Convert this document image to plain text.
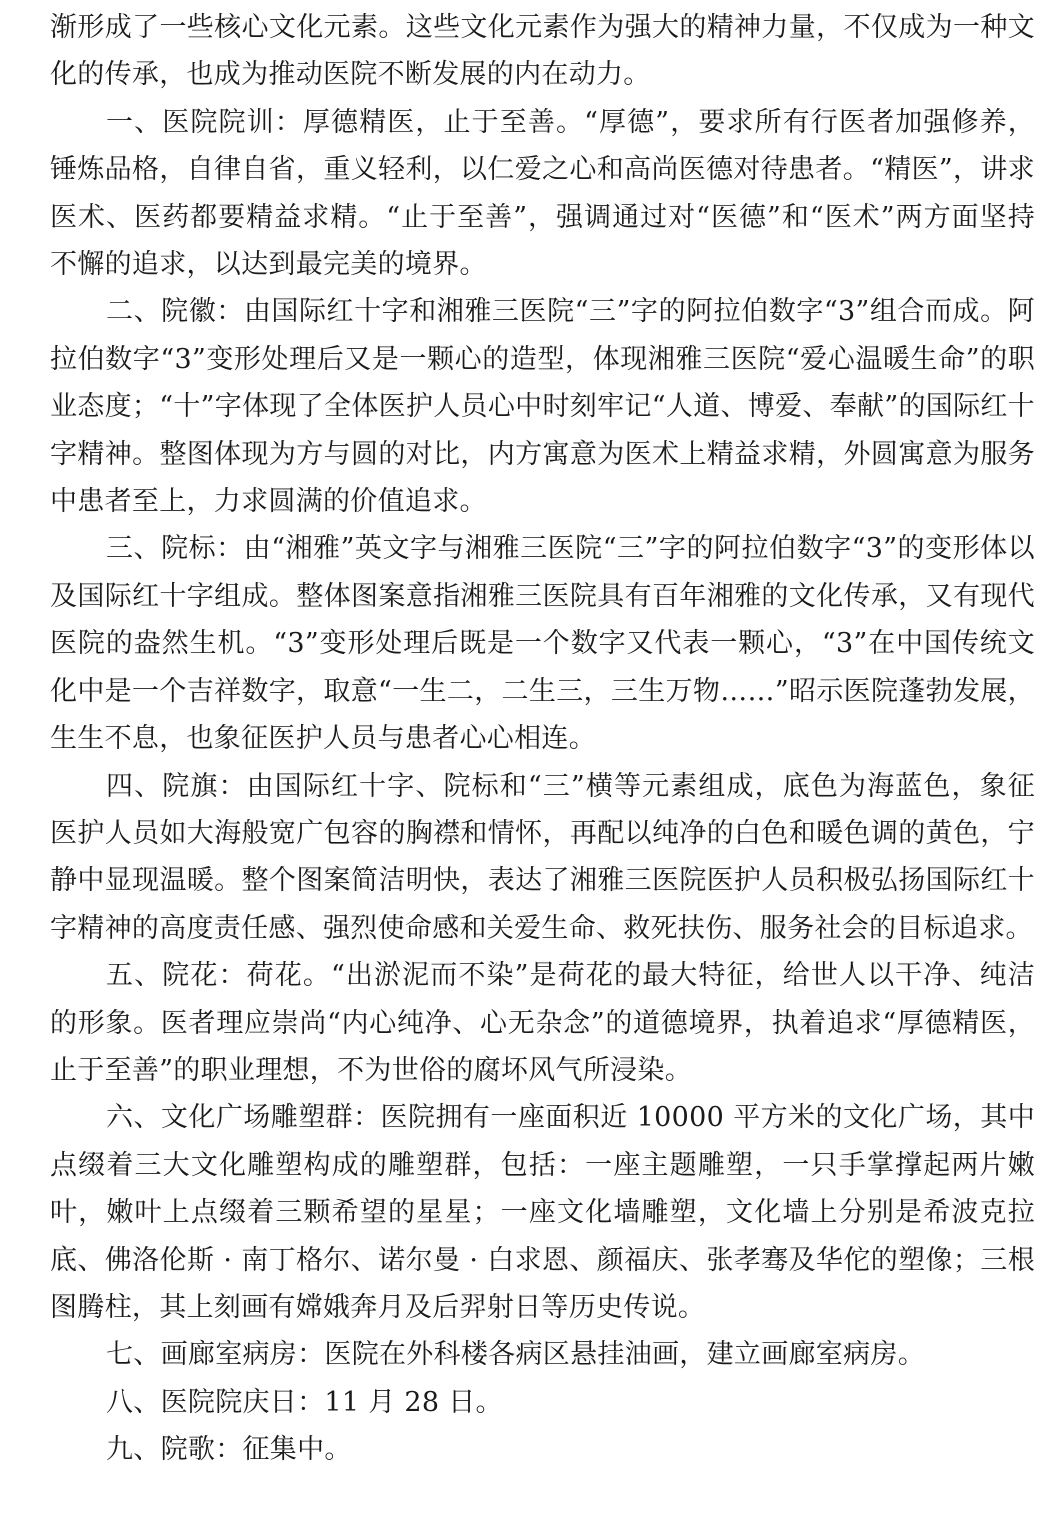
渐形成了一些核心文化元素。这些文化元素作为强大的精神力量，不仅成为一种文化的传承，也成为推动医院不断发展的内在动力。

一、医院院训：厚德精医，止于至善。“厚德”，要求所有行医者加强修养，锤炼品格，自律自省，重义轻利，以仁爱之心和高尚医德对待患者。“精医”，讲求医术、医药都要精益求精。“止于至善”，强调通过对“医德”和“医术”两方面坚持不懈的追求，以达到最完美的境界。

二、院徽：由国际红十字和湘雅三医院“三”字的阿拉伯数字“3”组合而成。阿拉伯数字“3”变形处理后又是一颗心的造型，体现湘雅三医院“爱心温暖生命”的职业态度；“十”字体现了全体医护人员心中时刻牢记“人道、博爱、奉献”的国际红十字精神。整图体现为方与圆的对比，内方寓意为医术上精益求精，外圆寓意为服务中患者至上，力求圆满的价值追求。

三、院标：由“湘雅”英文字与湘雅三医院“三”字的阿拉伯数字“3”的变形体以及国际红十字组成。整体图案意指湘雅三医院具有百年湘雅的文化传承，又有现代医院的盎然生机。“3”变形处理后既是一个数字又代表一颗心，“3”在中国传统文化中是一个吉祥数字，取意“一生二，二生三，三生万物……”昭示医院蓬勃发展，生生不息，也象征医护人员与患者心心相连。

四、院旗：由国际红十字、院标和“三”横等元素组成，底色为海蓝色，象征医护人员如大海般宽广包容的胸襟和情怀，再配以纯净的白色和暖色调的黄色，宁静中显现温暖。整个图案简洁明快，表达了湘雅三医院医护人员积极弘扬国际红十字精神的高度责任感、强烈使命感和关爱生命、救死扶伤、服务社会的目标追求。

五、院花：荷花。“出淤泥而不染”是荷花的最大特征，给世人以干净、纯洁的形象。医者理应崇尚“内心纯净、心无杂念”的道德境界，执着追求“厚德精医，止于至善”的职业理想，不为世俗的腐坏风气所浸染。

六、文化广场雕塑群：医院拥有一座面积近 10000 平方米的文化广场，其中点缀着三大文化雕塑构成的雕塑群，包括：一座主题雕塑，一只手掌撑起两片嫩叶，嫩叶上点缀着三颗希望的星星；一座文化墙雕塑，文化墙上分别是希波克拉底、佛洛伦斯 · 南丁格尔、诺尔曼 · 白求恩、颜福庆、张孝骞及华佗的塑像；三根图腾柱，其上刻画有嫦娥奔月及后羿射日等历史传说。

七、画廊室病房：医院在外科楼各病区悬挂油画，建立画廊室病房。

八、医院院庆日：11 月 28 日。

九、院歌：征集中。
